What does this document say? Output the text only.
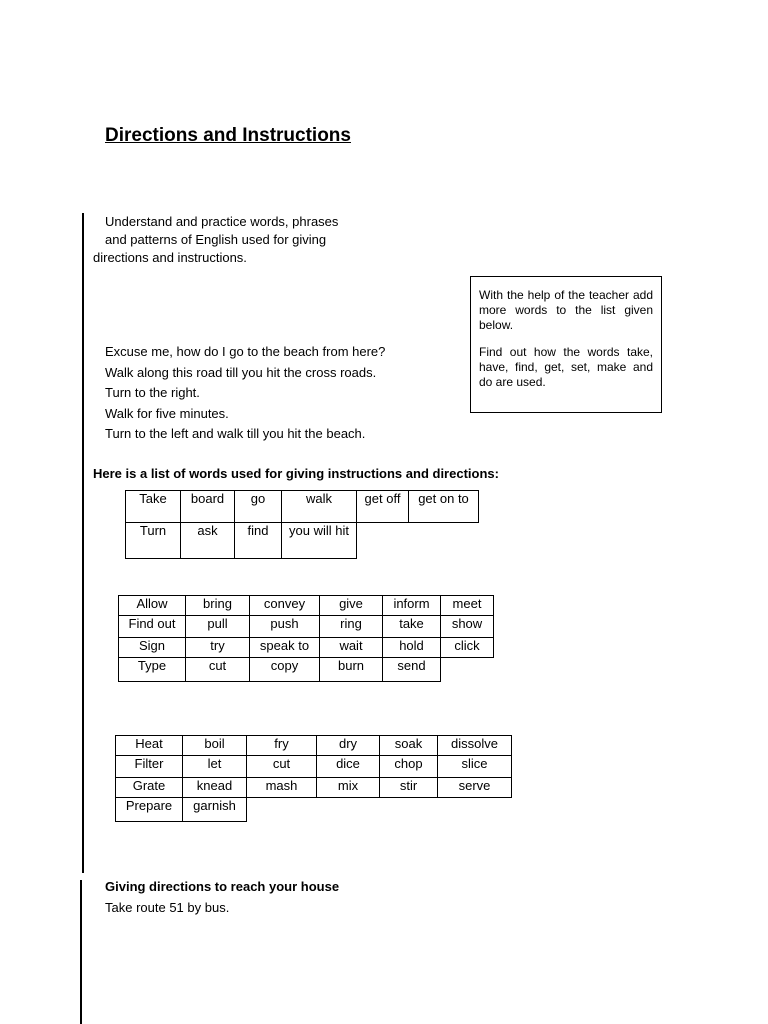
Directions and Instructions
Understand and practice words, phrases
and patterns of English used for giving
directions and instructions.

With the help of the teacher add more words to the list given below.

Find out how the words take, have, find, get, set, make and do are used.

Excuse me, how do I go to the beach from here?
Walk along this road till you hit the cross roads.
Turn to the right.
Walk for five minutes.
Turn to the left and walk till you hit the beach.
Here is a list of words used for giving instructions and directions:
Take	board	go	walk	get off	get on to
Turn	ask	find	you will hit		
Allow	bring	convey	give	inform	meet
Find out	pull	push	ring	take	show
Sign	try	speak to	wait	hold	click
Type	cut	copy	burn	send	
Heat	boil	fry	dry	soak	dissolve
Filter	let	cut	dice	chop	slice
Grate	knead	mash	mix	stir	serve
Prepare	garnish				
Giving directions to reach your house
Take route 51 by bus.
